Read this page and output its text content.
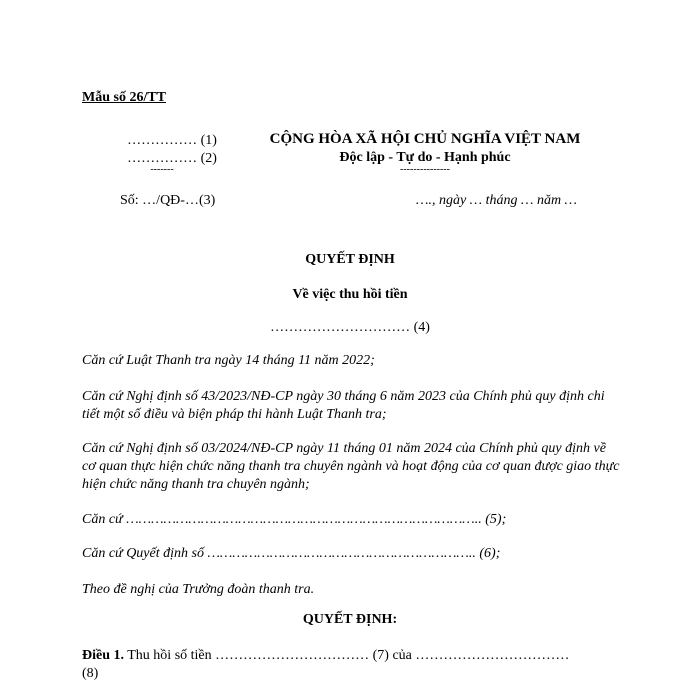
Mẫu số 26/TT
…………… (1)
…………… (2)
-------
Số: …/QĐ-…(3)
CỘNG HÒA XÃ HỘI CHỦ NGHĨA VIỆT NAM
Độc lập - Tự do - Hạnh phúc
---------------
…., ngày … tháng … năm …
QUYẾT ĐỊNH
Về việc thu hồi tiền
………………………… (4)
Căn cứ Luật Thanh tra ngày 14 tháng 11 năm 2022;
Căn cứ Nghị định số 43/2023/NĐ-CP ngày 30 tháng 6 năm 2023 của Chính phủ quy định chi tiết một số điều và biện pháp thi hành Luật Thanh tra;
Căn cứ Nghị định số 03/2024/NĐ-CP ngày 11 tháng 01 năm 2024 của Chính phủ quy định về cơ quan thực hiện chức năng thanh tra chuyên ngành và hoạt động của cơ quan được giao thực hiện chức năng thanh tra chuyên ngành;
Căn cứ ………………………………………………………………………….. (5);
Căn cứ Quyết định số ……………………………………………………….. (6);
Theo đề nghị của Trưởng đoàn thanh tra.
QUYẾT ĐỊNH:
Điều 1. Thu hồi số tiền …………………………… (7) của ……………………………
(8)
